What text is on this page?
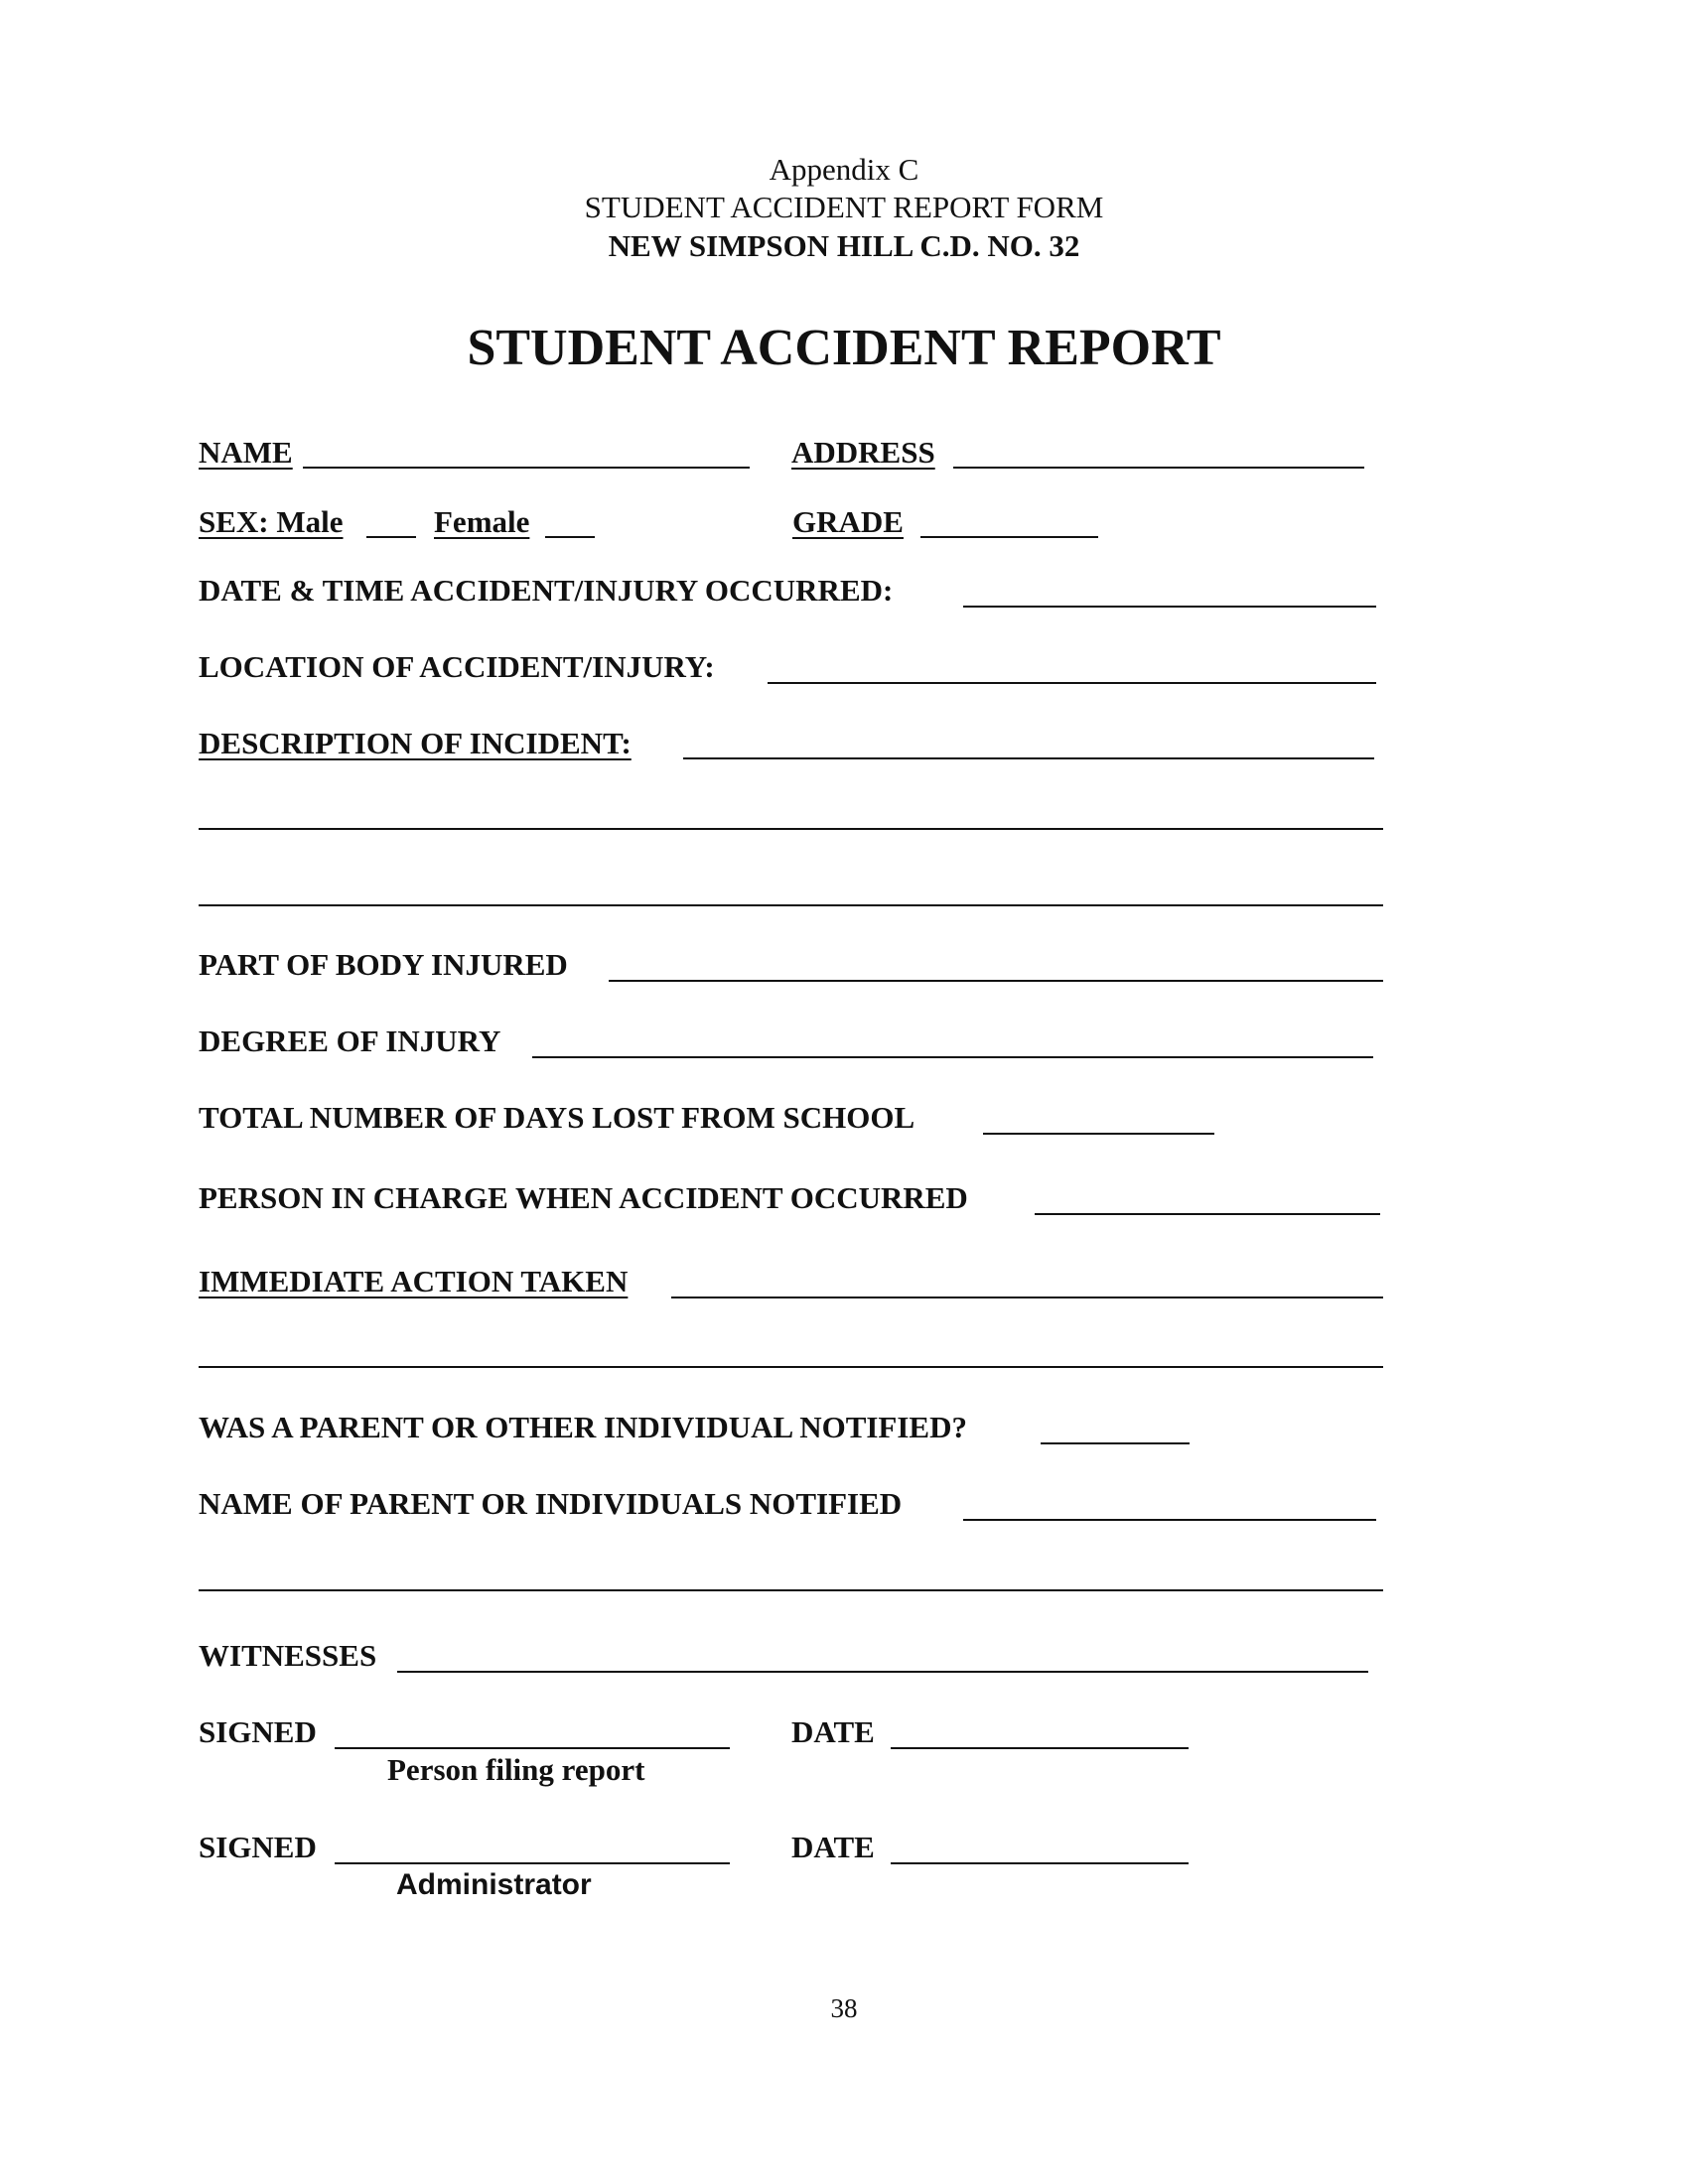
Appendix C
STUDENT ACCIDENT REPORT FORM
NEW SIMPSON HILL C.D. NO. 32
STUDENT ACCIDENT REPORT
NAME	ADDRESS
SEX: Male	Female	GRADE
DATE & TIME ACCIDENT/INJURY OCCURRED:
LOCATION OF ACCIDENT/INJURY:
DESCRIPTION OF INCIDENT:
PART OF BODY INJURED
DEGREE OF INJURY
TOTAL NUMBER OF DAYS LOST FROM SCHOOL
PERSON IN CHARGE WHEN ACCIDENT OCCURRED
IMMEDIATE ACTION TAKEN
WAS A PARENT OR OTHER INDIVIDUAL NOTIFIED?
NAME OF PARENT OR INDIVIDUALS NOTIFIED
WITNESSES
SIGNED	DATE
Person filing report
SIGNED	DATE
Administrator
38
